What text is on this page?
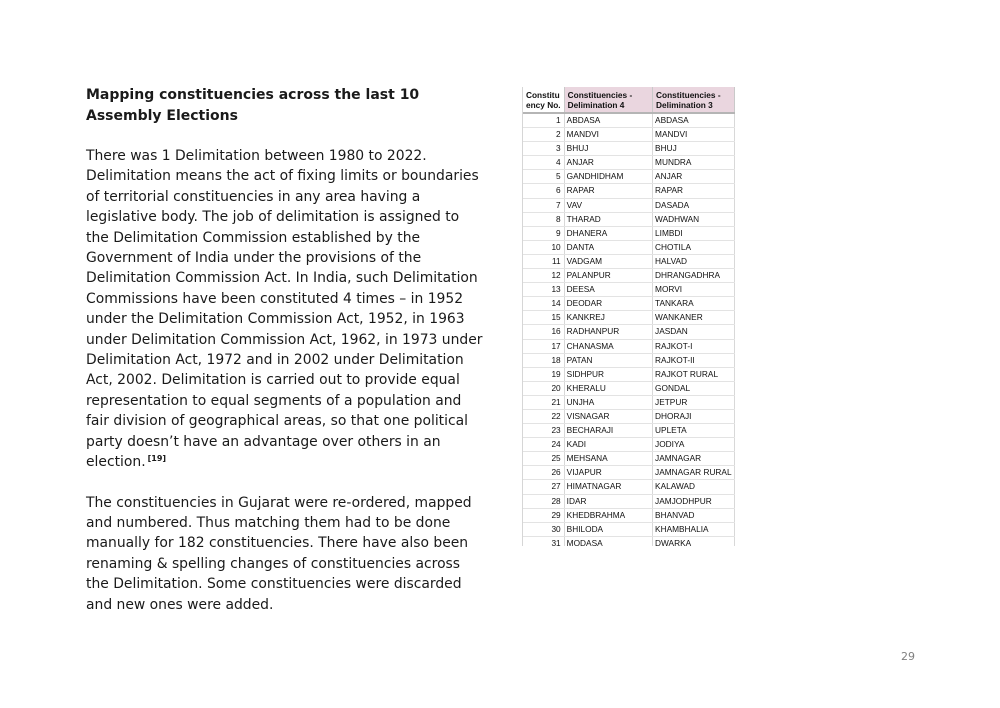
Mapping constituencies across the last 10 Assembly Elections

There was 1 Delimitation between 1980 to 2022. Delimitation means the act of fixing limits or boundaries of territorial constituencies in any area having a legislative body. The job of delimitation is assigned to the Delimitation Commission established by the Government of India under the provisions of the Delimitation Commission Act. In India, such Delimitation Commissions have been constituted 4 times – in 1952 under the Delimitation Commission Act, 1952, in 1963 under Delimitation Commission Act, 1962, in 1973 under Delimitation Act, 1972 and in 2002 under Delimitation Act, 2002. Delimitation is carried out to provide equal representation to equal segments of a population and fair division of geographical areas, so that one political party doesn’t have an advantage over others in an election. [19]

The constituencies in Gujarat were re-ordered, mapped and numbered. Thus matching them had to be done manually for 182 constituencies. There have also been renaming & spelling changes of constituencies across the Delimitation. Some constituencies were discarded and new ones were added.

Constitu ency No.	Constituencies - Delimination 4	Constituencies - Delimination 3
1	ABDASA	ABDASA
2	MANDVI	MANDVI
3	BHUJ	BHUJ
4	ANJAR	MUNDRA
5	GANDHIDHAM	ANJAR
6	RAPAR	RAPAR
7	VAV	DASADA
8	THARAD	WADHWAN
9	DHANERA	LIMBDI
10	DANTA	CHOTILA
11	VADGAM	HALVAD
12	PALANPUR	DHRANGADHRA
13	DEESA	MORVI
14	DEODAR	TANKARA
15	KANKREJ	WANKANER
16	RADHANPUR	JASDAN
17	CHANASMA	RAJKOT-I
18	PATAN	RAJKOT-II
19	SIDHPUR	RAJKOT RURAL
20	KHERALU	GONDAL
21	UNJHA	JETPUR
22	VISNAGAR	DHORAJI
23	BECHARAJI	UPLETA
24	KADI	JODIYA
25	MEHSANA	JAMNAGAR
26	VIJAPUR	JAMNAGAR RURAL
27	HIMATNAGAR	KALAWAD
28	IDAR	JAMJODHPUR
29	KHEDBRAHMA	BHANVAD
30	BHILODA	KHAMBHALIA
31	MODASA	DWARKA
29
